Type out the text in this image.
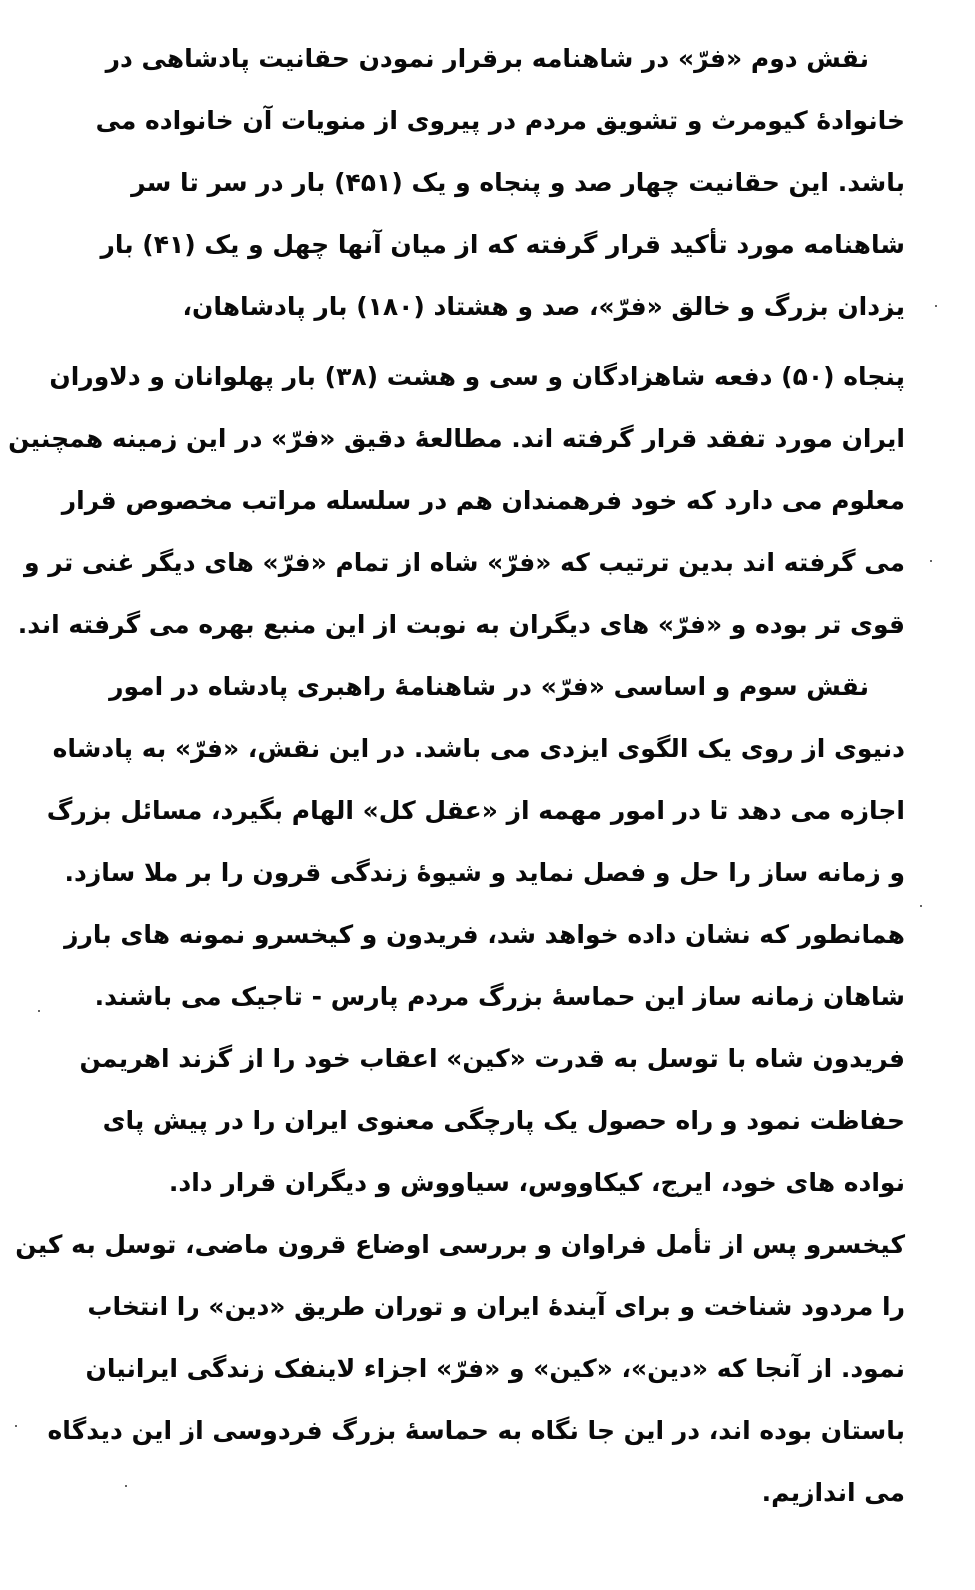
نقش دوم «فرّ» در شاهنامه برقرار نمودن حقانیت پادشاهی در
خانوادهٔ کیومرث و تشویق مردم در پیروی از منویات آن خانواده می
باشد. این حقانیت چهار صد و پنجاه و یک (۴۵۱) بار در سر تا سر
شاهنامه مورد تأکید قرار گرفته که از میان آنها چهل و یک (۴۱) بار
یزدان بزرگ و خالق «فرّ»، صد و هشتاد (۱۸۰) بار پادشاهان،
پنجاه (۵۰) دفعه شاهزادگان و سی و هشت (۳۸) بار پهلوانان و دلاوران
ایران مورد تفقد قرار گرفته اند. مطالعهٔ دقیق «فرّ» در این زمینه همچنین
معلوم می دارد که خود فرهمندان هم در سلسله مراتب مخصوص قرار
می گرفته اند بدین ترتیب که «فرّ» شاه از تمام «فرّ» های دیگر غنی تر و
قوی تر بوده و «فرّ» های دیگران به نوبت از این منبع بهره می گرفته اند.
نقش سوم و اساسی «فرّ» در شاهنامهٔ راهبری پادشاه در امور
دنیوی از روی یک الگوی ایزدی می باشد. در این نقش، «فرّ» به پادشاه
اجازه می دهد تا در امور مهمه از «عقل کل» الهام بگیرد، مسائل بزرگ
و زمانه ساز را حل و فصل نماید و شیوهٔ زندگی قرون را بر ملا سازد.
همانطور که نشان داده خواهد شد، فریدون و کیخسرو نمونه های بارز
شاهان زمانه ساز این حماسهٔ بزرگ مردم پارس - تاجیک می باشند.
فریدون شاه با توسل به قدرت «کین» اعقاب خود را از گزند اهریمن
حفاظت نمود و راه حصول یک پارچگی معنوی ایران را در پیش پای
نواده های خود، ایرج، کیکاووس، سیاووش و دیگران قرار داد.
کیخسرو پس از تأمل فراوان و بررسی اوضاع قرون ماضی، توسل به کین
را مردود شناخت و برای آیندهٔ ایران و توران طریق «دین» را انتخاب
نمود. از آنجا که «دین»، «کین» و «فرّ» اجزاء لاینفک زندگی ایرانیان
باستان بوده اند، در این جا نگاه به حماسهٔ بزرگ فردوسی از این دیدگاه
می اندازیم.
